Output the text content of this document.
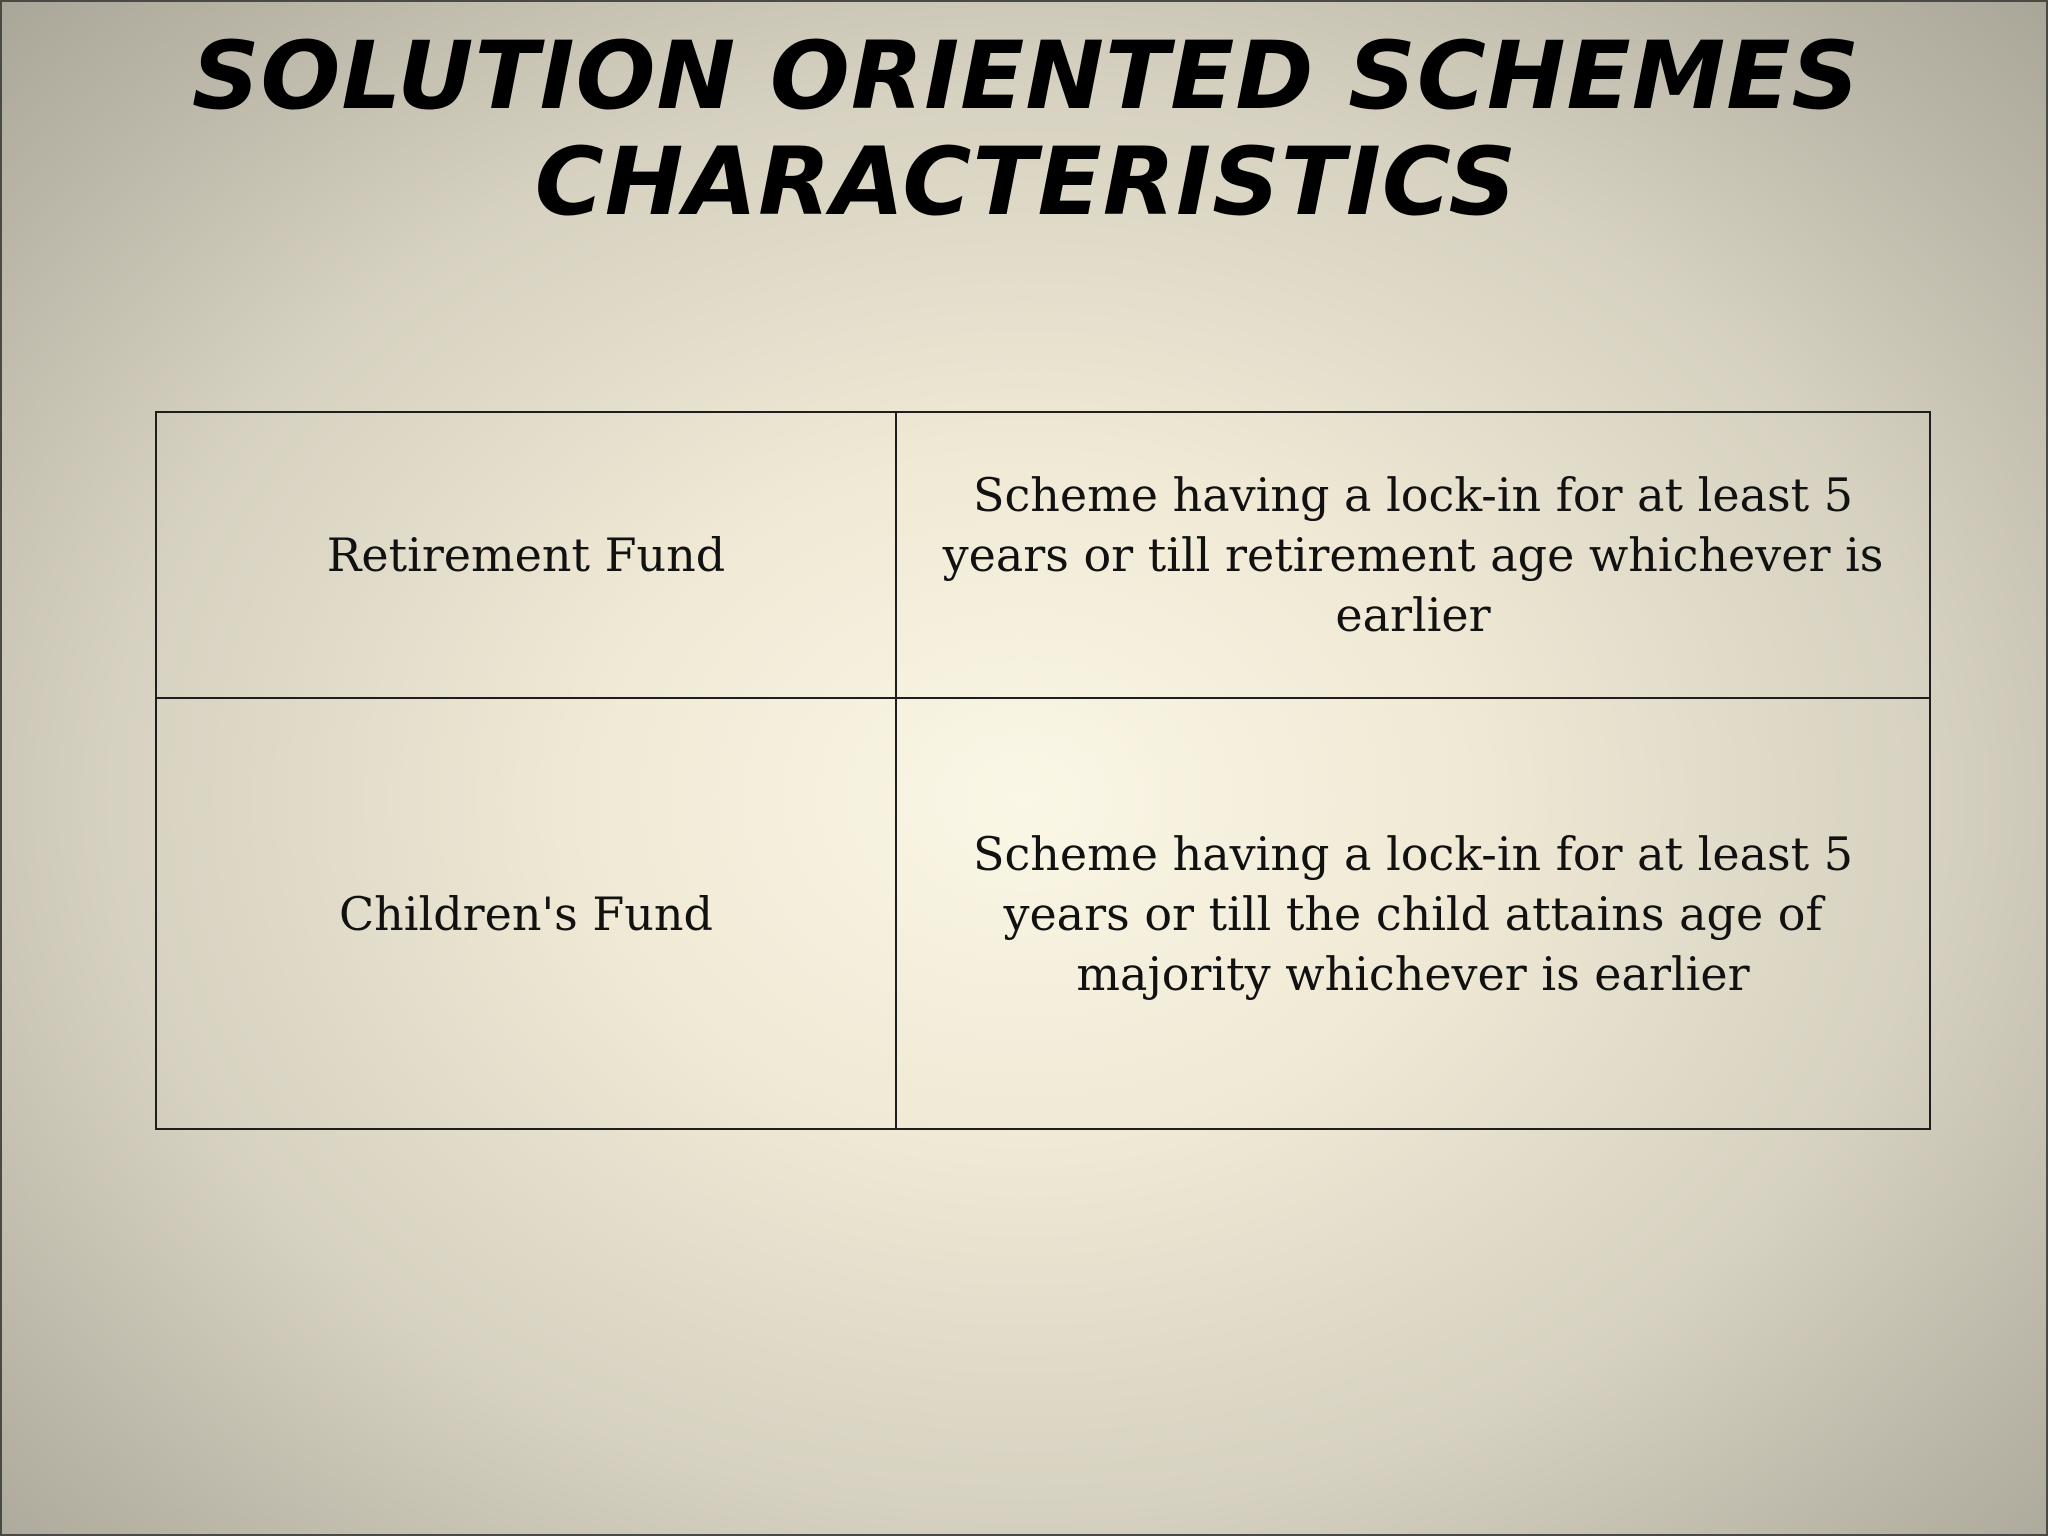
SOLUTION ORIENTED SCHEMES
CHARACTERISTICS
Retirement Fund	Scheme having a lock-in for at least 5 years or till retirement age whichever is earlier
Children's Fund	Scheme having a lock-in for at least 5 years or till the child attains age of majority whichever is earlier
